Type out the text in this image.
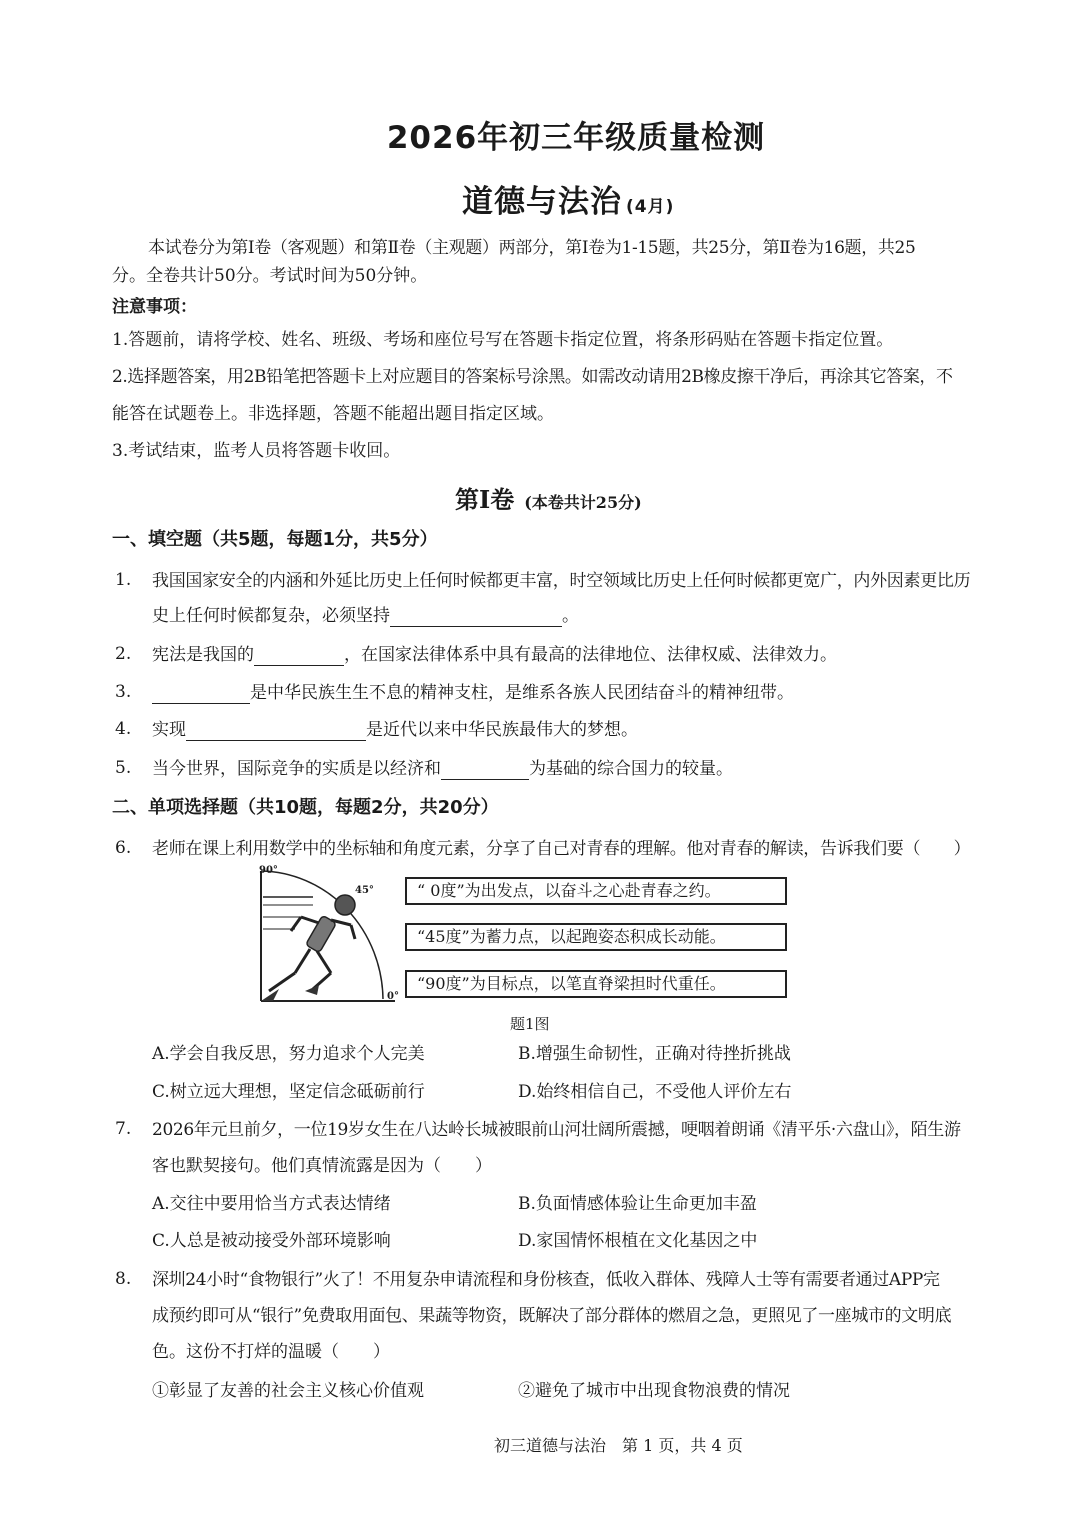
2026年初三年级质量检测
道德与法治 (4月)
本试卷分为第Ⅰ卷（客观题）和第Ⅱ卷（主观题）两部分，第Ⅰ卷为1-15题，共25分，第Ⅱ卷为16题，共25
分。全卷共计50分。考试时间为50分钟。
注意事项：
1.答题前，请将学校、姓名、班级、考场和座位号写在答题卡指定位置，将条形码贴在答题卡指定位置。
2.选择题答案，用2B铅笔把答题卡上对应题目的答案标号涂黑。如需改动请用2B橡皮擦干净后，再涂其它答案，不
能答在试题卷上。非选择题，答题不能超出题目指定区域。
3.考试结束，监考人员将答题卡收回。
第Ⅰ卷 (本卷共计25分)
一、填空题（共5题，每题1分，共5分）
1. 我国国家安全的内涵和外延比历史上任何时候都更丰富，时空领域比历史上任何时候都更宽广，内外因素更比历
史上任何时候都复杂，必须坚持	。
2. 宪法是我国的	，在国家法律体系中具有最高的法律地位、法律权威、法律效力。
3.	是中华民族生生不息的精神支柱，是维系各族人民团结奋斗的精神纽带。
4. 实现	是近代以来中华民族最伟大的梦想。
5. 当今世界，国际竞争的实质是以经济和	为基础的综合国力的较量。
二、单项选择题（共10题，每题2分，共20分）
6. 老师在课上利用数学中的坐标轴和角度元素，分享了自己对青春的理解。他对青春的解读，告诉我们要（　　）
90°
45°
0°
“ 0度”为出发点，以奋斗之心赴青春之约。
“45度”为蓄力点，以起跑姿态积成长动能。
“90度”为目标点，以笔直脊梁担时代重任。
题1图
A.学会自我反思，努力追求个人完美	B.增强生命韧性，正确对待挫折挑战
C.树立远大理想，坚定信念砥砺前行	D.始终相信自己，不受他人评价左右
7. 2026年元旦前夕，一位19岁女生在八达岭长城被眼前山河壮阔所震撼，哽咽着朗诵《清平乐·六盘山》，陌生游
客也默契接句。他们真情流露是因为（　　）
A.交往中要用恰当方式表达情绪	B.负面情感体验让生命更加丰盈
C.人总是被动接受外部环境影响	D.家国情怀根植在文化基因之中
8. 深圳24小时“食物银行”火了！不用复杂申请流程和身份核查，低收入群体、残障人士等有需要者通过APP完
成预约即可从“银行”免费取用面包、果蔬等物资，既解决了部分群体的燃眉之急，更照见了一座城市的文明底
色。这份不打烊的温暖（　　）
①彰显了友善的社会主义核心价值观	②避免了城市中出现食物浪费的情况
初三道德与法治　第 1 页，共 4 页
